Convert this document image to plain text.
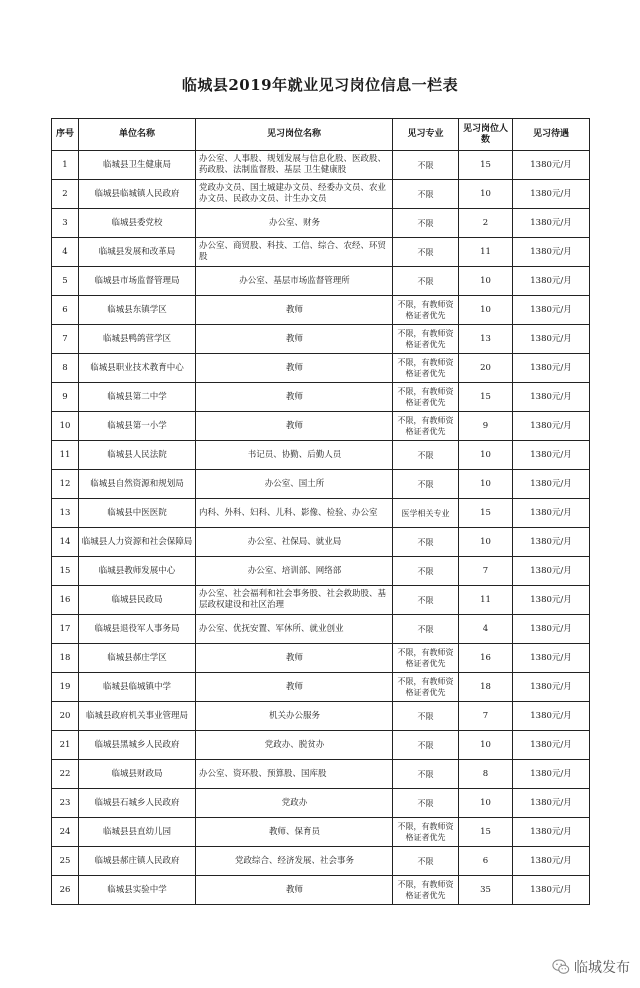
临城县2019年就业见习岗位信息一栏表
序号	单位名称	见习岗位名称	见习专业	见习岗位人数	见习待遇
1	临城县卫生健康局	办公室、人事股、规划发展与信息化股、医政股、药政股、法制监督股、基层 卫生健康股	不限	15	1380元/月
2	临城县临城镇人民政府	党政办文员、国土城建办文员、经委办文员、农业办文员、民政办文员、计生办文员	不限	10	1380元/月
3	临城县委党校	办公室、财务	不限	2	1380元/月
4	临城县发展和改革局	办公室、商贸股、科技、工信、综合、农经、环贸股	不限	11	1380元/月
5	临城县市场监督管理局	办公室、基层市场监督管理所	不限	10	1380元/月
6	临城县东镇学区	教师	不限，有教师资格证者优先	10	1380元/月
7	临城县鸭鸽营学区	教师	不限，有教师资格证者优先	13	1380元/月
8	临城县职业技术教育中心	教师	不限，有教师资格证者优先	20	1380元/月
9	临城县第二中学	教师	不限，有教师资格证者优先	15	1380元/月
10	临城县第一小学	教师	不限，有教师资格证者优先	9	1380元/月
11	临城县人民法院	书记员、协勤、后勤人员	不限	10	1380元/月
12	临城县自然资源和规划局	办公室、国土所	不限	10	1380元/月
13	临城县中医医院	内科、外科、妇科、儿科、影像、检验、办公室	医学相关专业	15	1380元/月
14	临城县人力资源和社会保障局	办公室、社保局、就业局	不限	10	1380元/月
15	临城县教师发展中心	办公室、培训部、网络部	不限	7	1380元/月
16	临城县民政局	办公室、社会福利和社会事务股、社会救助股、基层政权建设和社区治理	不限	11	1380元/月
17	临城县退役军人事务局	办公室、优抚安置、军休所、就业创业	不限	4	1380元/月
18	临城县郝庄学区	教师	不限，有教师资格证者优先	16	1380元/月
19	临城县临城镇中学	教师	不限，有教师资格证者优先	18	1380元/月
20	临城县政府机关事业管理局	机关办公服务	不限	7	1380元/月
21	临城县黑城乡人民政府	党政办、脱贫办	不限	10	1380元/月
22	临城县财政局	办公室、资环股、预算股、国库股	不限	8	1380元/月
23	临城县石城乡人民政府	党政办	不限	10	1380元/月
24	临城县县直幼儿园	教师、保育员	不限，有教师资格证者优先	15	1380元/月
25	临城县郝庄镇人民政府	党政综合、经济发展、社会事务	不限	6	1380元/月
26	临城县实验中学	教师	不限，有教师资格证者优先	35	1380元/月
临城发布
